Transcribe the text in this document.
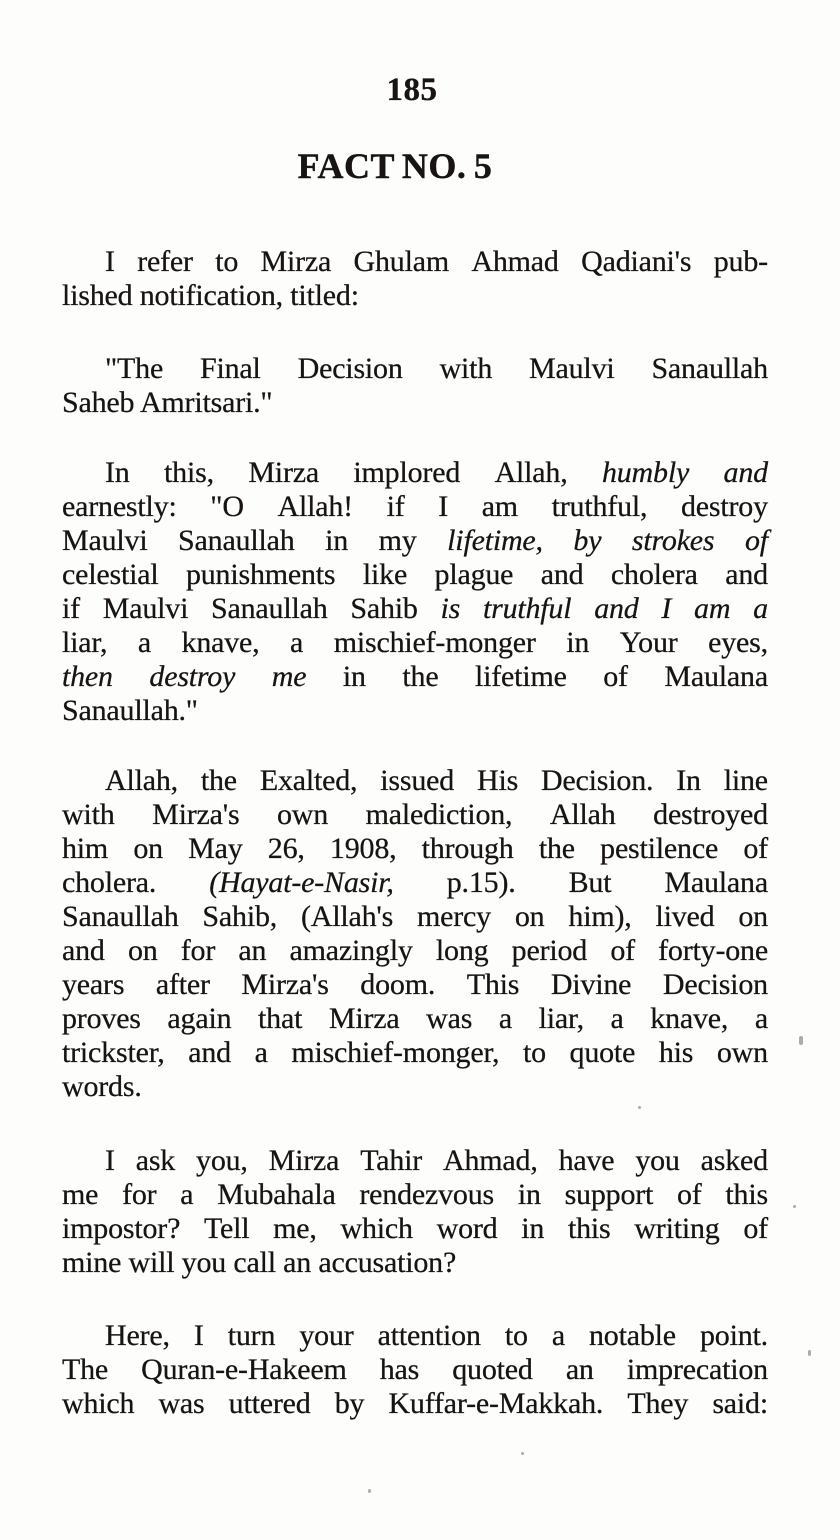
185
FACT NO. 5
I refer to Mirza Ghulam Ahmad Qadiani's pub-
lished notification, titled:
"The Final Decision with Maulvi Sanaullah
Saheb Amritsari."
In this, Mirza implored Allah, humbly and
earnestly: "O Allah! if I am truthful, destroy
Maulvi Sanaullah in my lifetime, by strokes of
celestial punishments like plague and cholera and
if Maulvi Sanaullah Sahib is truthful and I am a
liar, a knave, a mischief-monger in Your eyes,
then destroy me in the lifetime of Maulana
Sanaullah."
Allah, the Exalted, issued His Decision. In line
with Mirza's own malediction, Allah destroyed
him on May 26, 1908, through the pestilence of
cholera. (Hayat-e-Nasir, p.15). But Maulana
Sanaullah Sahib, (Allah's mercy on him), lived on
and on for an amazingly long period of forty-one
years after Mirza's doom. This Divine Decision
proves again that Mirza was a liar, a knave, a
trickster, and a mischief-monger, to quote his own
words.
I ask you, Mirza Tahir Ahmad, have you asked
me for a Mubahala rendezvous in support of this
impostor? Tell me, which word in this writing of
mine will you call an accusation?
Here, I turn your attention to a notable point.
The Quran-e-Hakeem has quoted an imprecation
which was uttered by Kuffar-e-Makkah. They said:
